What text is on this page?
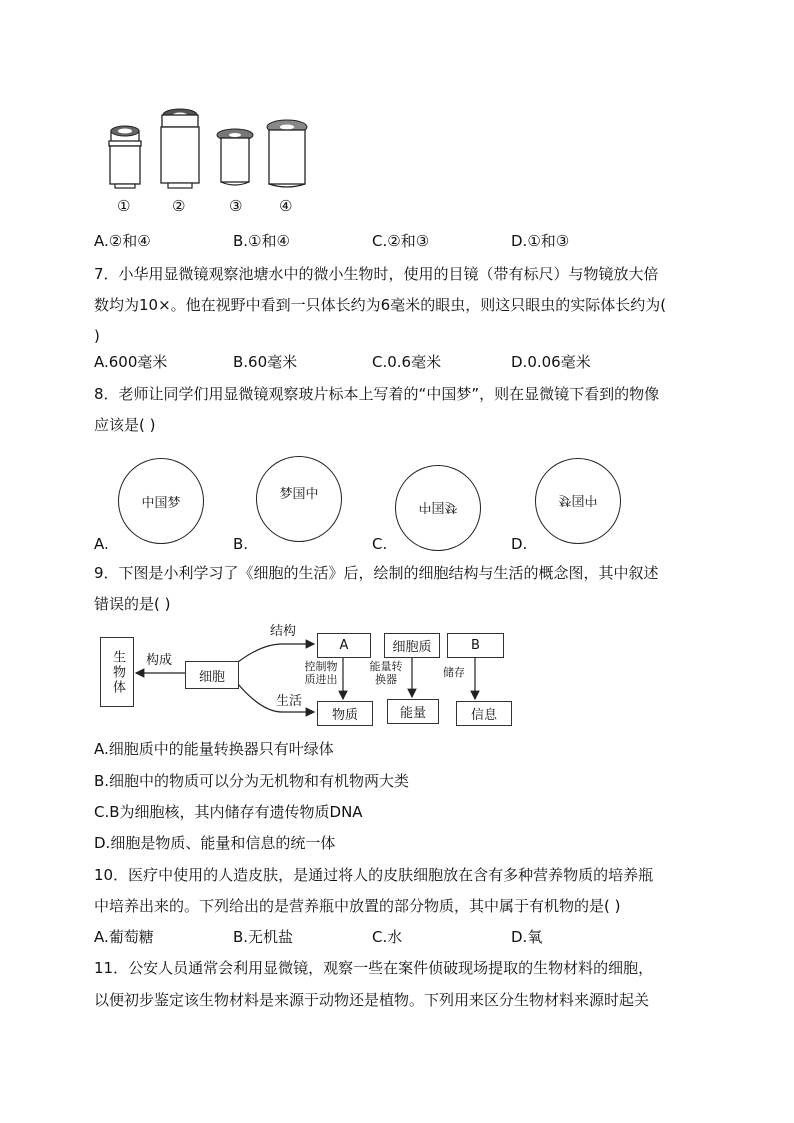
①	②	③ ④
A.②和④	B.①和④	C.②和③	D.①和③
7．小华用显微镜观察池塘水中的微小生物时，使用的目镜（带有标尺）与物镜放大倍
数均为10×。他在视野中看到一只体长约为6毫米的眼虫，则这只眼虫的实际体长约为(
)
A.600毫米	B.60毫米	C.0.6毫米	D.0.06毫米
8．老师让同学们用显微镜观察玻片标本上写着的“中国梦”，则在显微镜下看到的物像
应该是( )
中国梦
梦国中
中国梦	梦国中
A.	B.	C.	D.
9．下图是小利学习了《细胞的生活》后，绘制的细胞结构与生活的概念图，其中叙述
错误的是( )
生物体 构成
细胞
结构
生活
A	细胞质	B
控制物质进出
能量转换器
储存
物质	能量	信息
A.细胞质中的能量转换器只有叶绿体
B.细胞中的物质可以分为无机物和有机物两大类
C.B为细胞核，其内储存有遗传物质DNA
D.细胞是物质、能量和信息的统一体
10．医疗中使用的人造皮肤，是通过将人的皮肤细胞放在含有多种营养物质的培养瓶
中培养出来的。下列给出的是营养瓶中放置的部分物质，其中属于有机物的是( )
A.葡萄糖	B.无机盐	C.水	D.氧
11．公安人员通常会利用显微镜，观察一些在案件侦破现场提取的生物材料的细胞，
以便初步鉴定该生物材料是来源于动物还是植物。下列用来区分生物材料来源时起关
